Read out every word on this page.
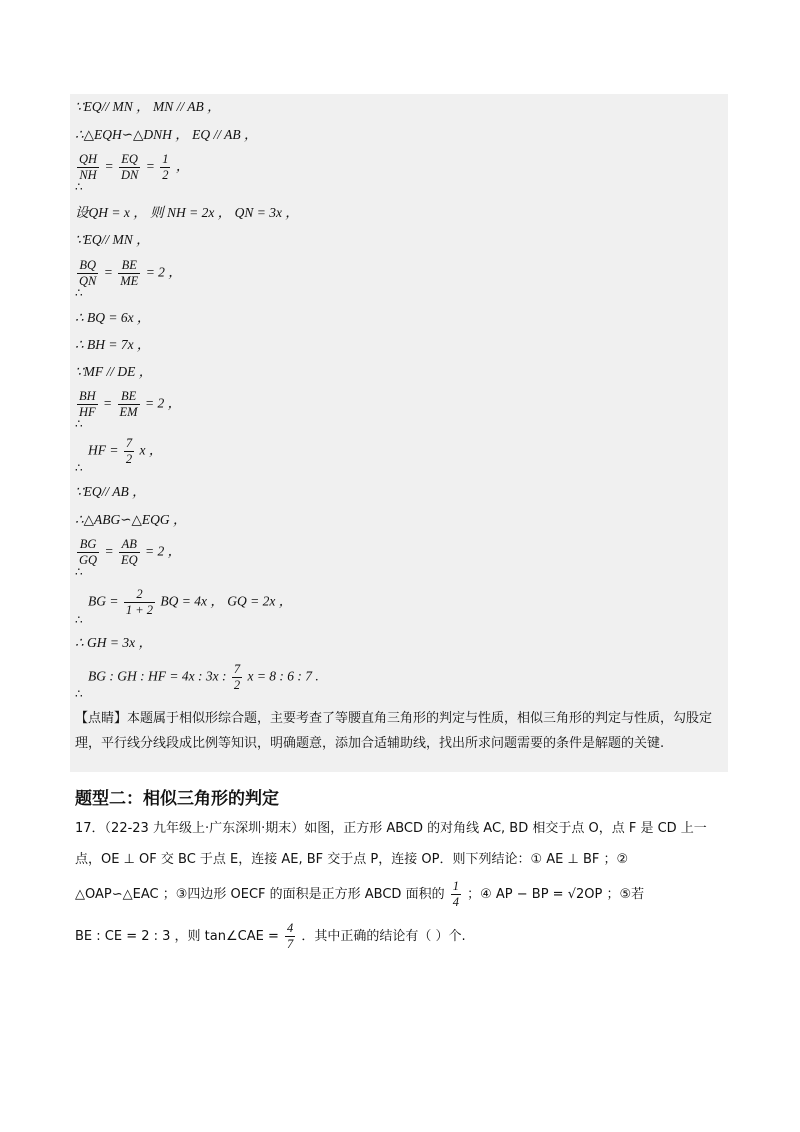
∵EQ// MN ， MN // AB ，
∴△EQH∽△DNH ， EQ // AB ，
$\frac{QH}{NH} = \frac{EQ}{DN} = \frac{1}{2}$ ，
∴
设QH = x ， 则 NH = 2x ， QN = 3x ，
∵EQ// MN ，
$\frac{BQ}{QN} = \frac{BE}{ME} = 2$ ，
∴
∴ BQ = 6x ，
∴ BH = 7x ，
∵MF // DE ，
$\frac{BH}{HF} = \frac{BE}{EM} = 2$ ，
∴
HF = $\frac{7}{2}$ x ，
∴
∵EQ// AB ，
∴△ABG∽△EQG ，
$\frac{BG}{GQ} = \frac{AB}{EQ} = 2$ ，
∴
BG = $\frac{2}{1 + 2}$ BQ = 4x ， GQ = 2x ，
∴
∴ GH = 3x ，
BG : GH : HF = 4x : 3x : $\frac{7}{2}$ x = 8 : 6 : 7 .
∴
【点睛】本题属于相似形综合题，主要考查了等腰直角三角形的判定与性质，相似三角形的判定与性质，勾股定理，平行线分线段成比例等知识，明确题意，添加合适辅助线，找出所求问题需要的条件是解题的关键.
题型二：相似三角形的判定
17．（22-23 九年级上·广东深圳·期末）如图，正方形 ABCD 的对角线 AC, BD 相交于点 O，点 F 是 CD 上一
点，OE ⊥ OF 交 BC 于点 E，连接 AE, BF 交于点 P，连接 OP．则下列结论：① AE ⊥ BF ；②
△OAP∽△EAC ；③四边形 OECF 的面积是正方形 ABCD 面积的 $\frac{1}{4}$ ；④ AP − BP = √2OP ；⑤若
BE : CE = 2 : 3 ，则 tan∠CAE = $\frac{4}{7}$ ．其中正确的结论有（ ）个.
